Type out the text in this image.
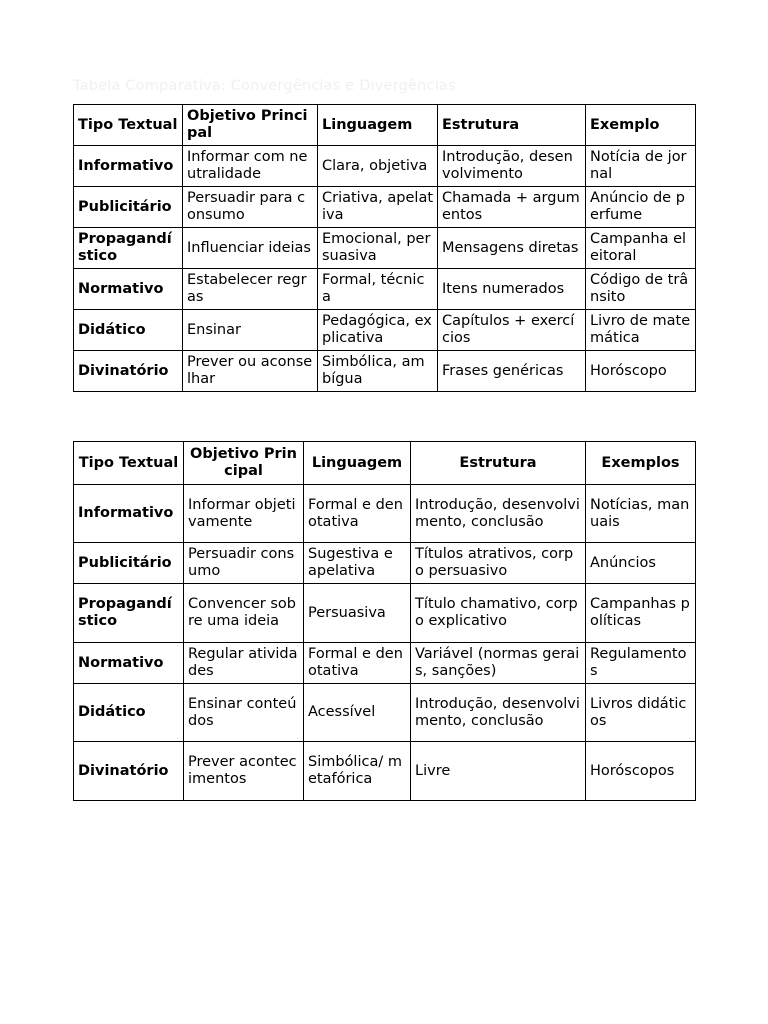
Tabela Comparativa: Convergências e Divergências
Tipo Textual	Objetivo Principal	Linguagem	Estrutura	Exemplo
Informativo	Informar com neutralidade	Clara, objetiva	Introdução, desenvolvimento	Notícia de jornal
Publicitário	Persuadir para consumo	Criativa, apelativa	Chamada + argumentos	Anúncio de perfume
Propagandístico	Influenciar ideias	Emocional, persuasiva	Mensagens diretas	Campanha eleitoral
Normativo	Estabelecer regras	Formal, técnica	Itens numerados	Código de trânsito
Didático	Ensinar	Pedagógica, explicativa	Capítulos + exercícios	Livro de matemática
Divinatório	Prever ou aconselhar	Simbólica, ambígua	Frases genéricas	Horóscopo
Tipo Textual	Objetivo Principal	Linguagem	Estrutura	Exemplos
Informativo	Informar objetivamente	Formal e denotativa	Introdução, desenvolvimento, conclusão	Notícias, manuais
Publicitário	Persuadir consumo	Sugestiva e apelativa	Títulos atrativos, corpo persuasivo	Anúncios
Propagandístico	Convencer sobre uma ideia	Persuasiva	Título chamativo, corpo explicativo	Campanhas políticas
Normativo	Regular atividades	Formal e denotativa	Variável (normas gerais, sanções)	Regulamentos
Didático	Ensinar conteúdos	Acessível	Introdução, desenvolvimento, conclusão	Livros didáticos
Divinatório	Prever acontecimentos	Simbólica/ metafórica	Livre	Horóscopos
